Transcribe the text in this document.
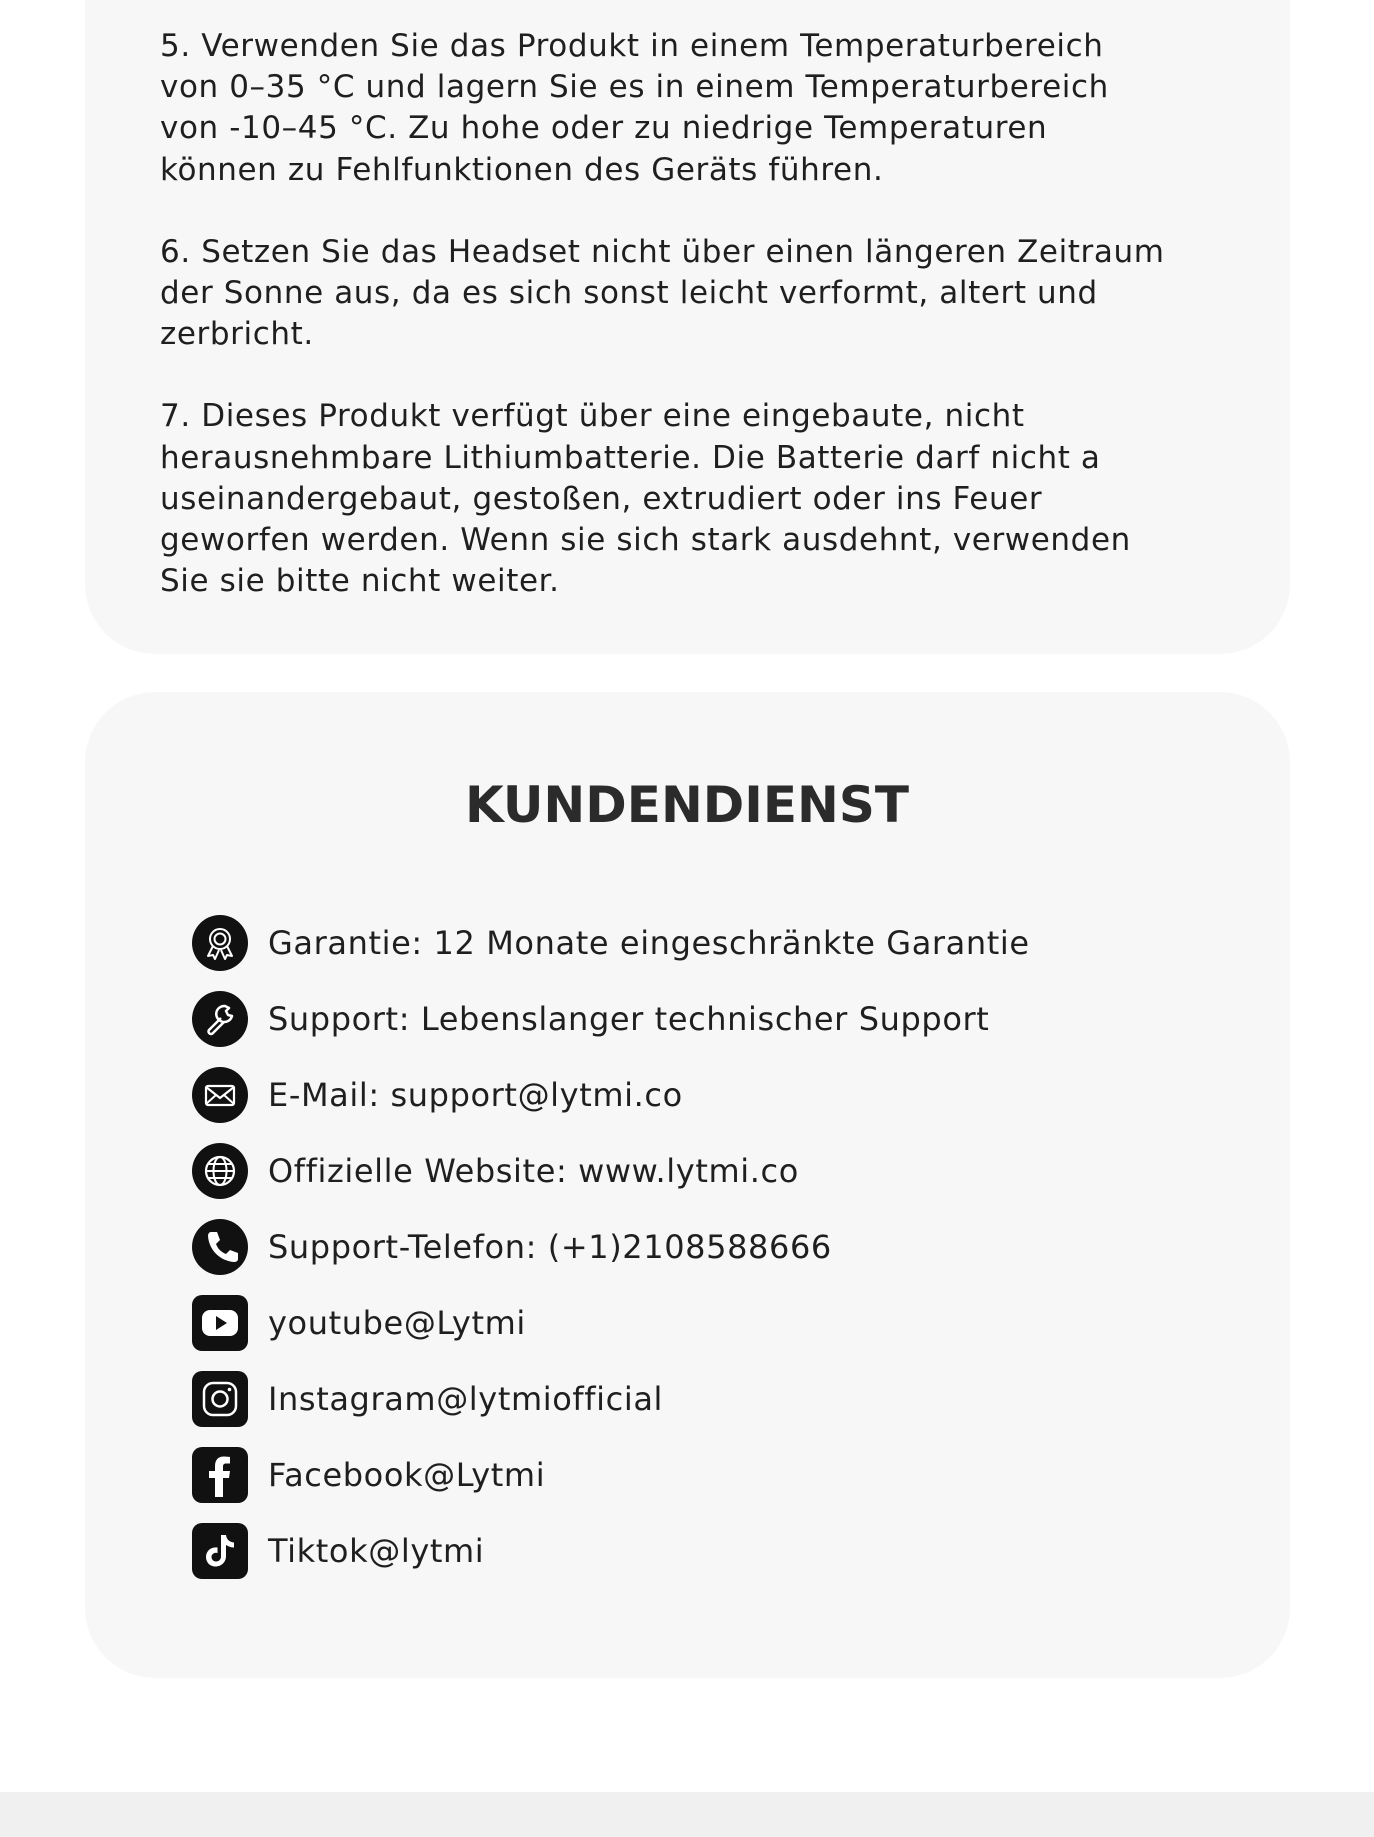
5. Verwenden Sie das Produkt in einem Temperaturbereich
von 0–35 °C und lagern Sie es in einem Temperaturbereich
von -10–45 °C. Zu hohe oder zu niedrige Temperaturen
können zu Fehlfunktionen des Geräts führen.
6. Setzen Sie das Headset nicht über einen längeren Zeitraum
der Sonne aus, da es sich sonst leicht verformt, altert und
zerbricht.
7. Dieses Produkt verfügt über eine eingebaute, nicht
herausnehmbare Lithiumbatterie. Die Batterie darf nicht a
useinandergebaut, gestoßen, extrudiert oder ins Feuer
geworfen werden. Wenn sie sich stark ausdehnt, verwenden
Sie sie bitte nicht weiter.
KUNDENDIENST
Garantie: 12 Monate eingeschränkte Garantie
Support: Lebenslanger technischer Support
E-Mail: support@lytmi.co
Offizielle Website: www.lytmi.co
Support-Telefon: (+1)2108588666
youtube@Lytmi
Instagram@lytmiofficial
Facebook@Lytmi
Tiktok@lytmi
